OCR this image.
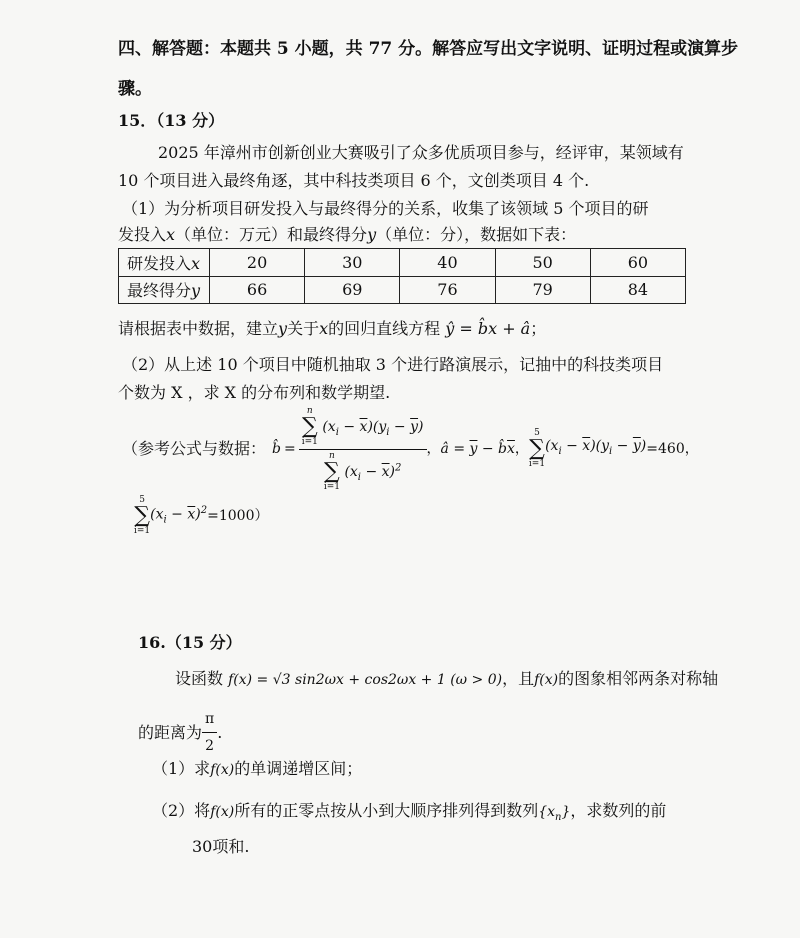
四、解答题：本题共 5 小题，共 77 分。解答应写出文字说明、证明过程或演算步
骤。
15．（13 分）
2025 年漳州市创新创业大赛吸引了众多优质项目参与，经评审，某领域有
10 个项目进入最终角逐，其中科技类项目 6 个，文创类项目 4 个.
（1）为分析项目研发投入与最终得分的关系，收集了该领域 5 个项目的研
发投入x（单位：万元）和最终得分y（单位：分），数据如下表：
研发投入x	20	30	40	50	60
最终得分y	66	69	76	79	84
请根据表中数据，建立y关于x的回归直线方程 ŷ = b̂x + â；
（2）从上述 10 个项目中随机抽取 3 个进行路演展示，记抽中的科技类项目
个数为 X ，求 X 的分布列和数学期望.
（参考公式与数据： b̂ = n
∑
i=1
$(x_i - \overline{x})(y_i - \overline{y})$
n
∑
i=1
$(x_i - \overline{x})^2$ ， â = $\overline{y}$ − $b̂\overline{x}$ ，
5
∑
i=1
$(x_i - \overline{x})(y_i - \overline{y}) = 460$ ，
5
∑
i=1
$(x_i - \overline{x})^2 = 1000$ ）
16.（15 分）
设函数 f(x) = √3 sin2ωx + cos2ωx + 1 (ω > 0)，且f(x)的图象相邻两条对称轴
的距离为 $\frac{\pi}{2}$ .
（1）求f(x)的单调递增区间；
（2）将f(x)所有的正零点按从小到大顺序排列得到数列$\{x_n\}$，求数列的前
30项和.
